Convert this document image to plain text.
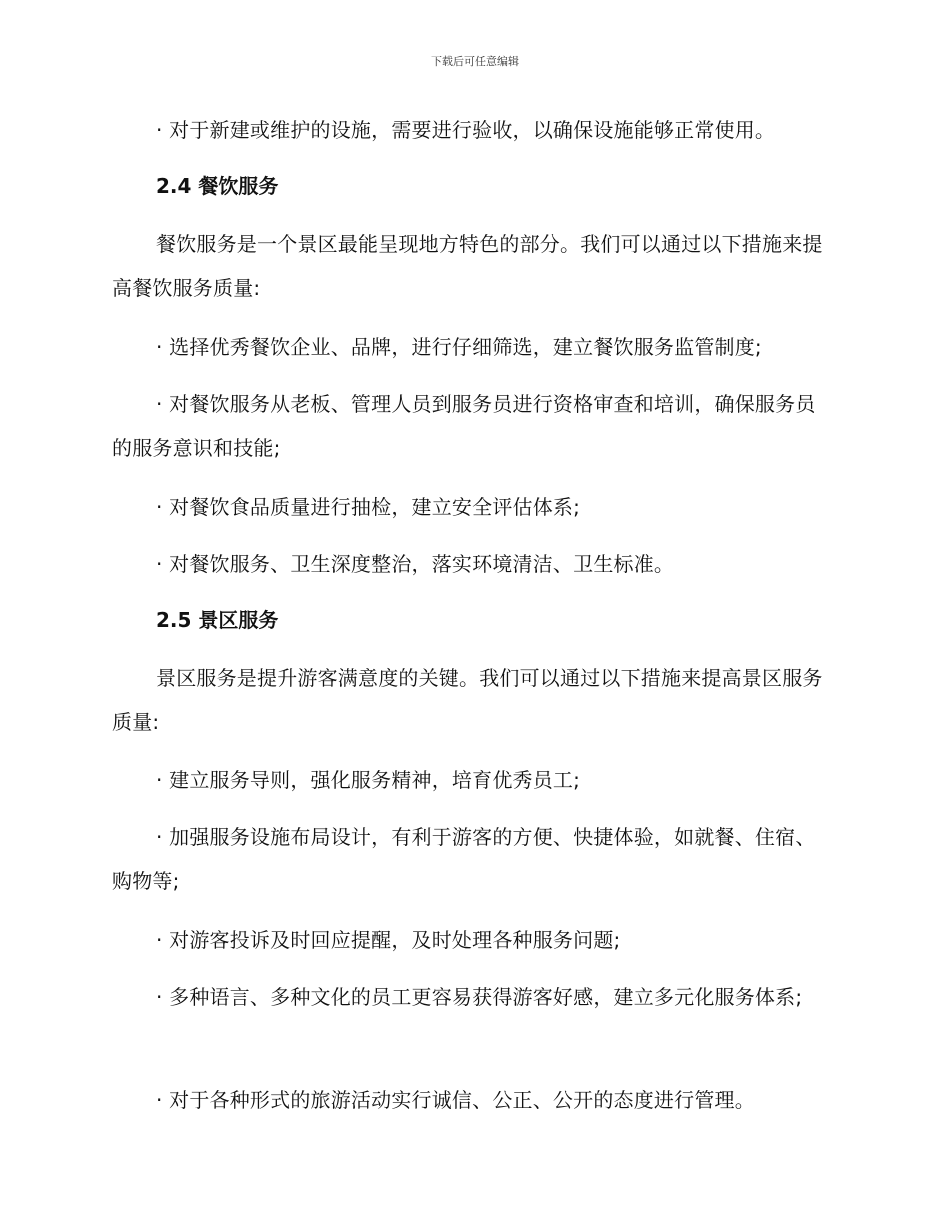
下载后可任意编辑
· 对于新建或维护的设施，需要进行验收，以确保设施能够正常使用。
2.4 餐饮服务
餐饮服务是一个景区最能呈现地方特色的部分。我们可以通过以下措施来提高餐饮服务质量:
· 选择优秀餐饮企业、品牌，进行仔细筛选，建立餐饮服务监管制度;
· 对餐饮服务从老板、管理人员到服务员进行资格审查和培训，确保服务员的服务意识和技能;
· 对餐饮食品质量进行抽检，建立安全评估体系;
· 对餐饮服务、卫生深度整治，落实环境清洁、卫生标准。
2.5 景区服务
景区服务是提升游客满意度的关键。我们可以通过以下措施来提高景区服务质量:
· 建立服务导则，强化服务精神，培育优秀员工;
· 加强服务设施布局设计，有利于游客的方便、快捷体验，如就餐、住宿、购物等;
· 对游客投诉及时回应提醒，及时处理各种服务问题;
· 多种语言、多种文化的员工更容易获得游客好感，建立多元化服务体系;
· 对于各种形式的旅游活动实行诚信、公正、公开的态度进行管理。
